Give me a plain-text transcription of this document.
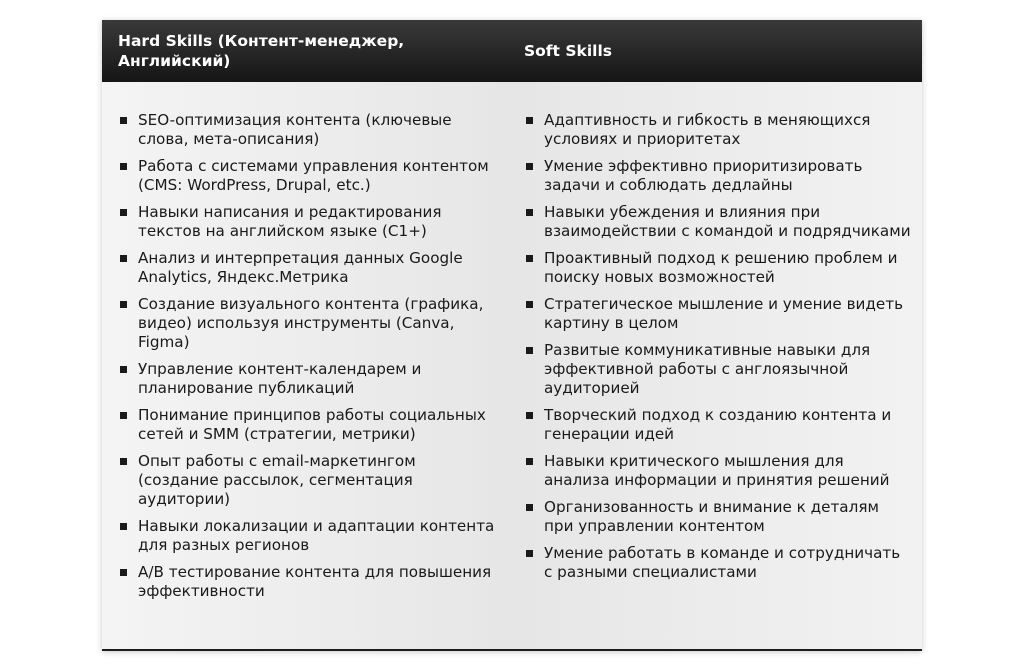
Hard Skills (Контент-менеджер, Английский)
Soft Skills
SEO-оптимизация контента (ключевые слова, мета-описания)
Работа с системами управления контентом (CMS: WordPress, Drupal, etc.)
Навыки написания и редактирования текстов на английском языке (C1+)
Анализ и интерпретация данных Google Analytics, Яндекс.Метрика
Создание визуального контента (графика, видео) используя инструменты (Canva, Figma)
Управление контент-календарем и планирование публикаций
Понимание принципов работы социальных сетей и SMM (стратегии, метрики)
Опыт работы с email-маркетингом (создание рассылок, сегментация аудитории)
Навыки локализации и адаптации контента для разных регионов
A/B тестирование контента для повышения эффективности
Адаптивность и гибкость в меняющихся условиях и приоритетах
Умение эффективно приоритизировать задачи и соблюдать дедлайны
Навыки убеждения и влияния при взаимодействии с командой и подрядчиками
Проактивный подход к решению проблем и поиску новых возможностей
Стратегическое мышление и умение видеть картину в целом
Развитые коммуникативные навыки для эффективной работы с англоязычной аудиторией
Творческий подход к созданию контента и генерации идей
Навыки критического мышления для анализа информации и принятия решений
Организованность и внимание к деталям при управлении контентом
Умение работать в команде и сотрудничать с разными специалистами
